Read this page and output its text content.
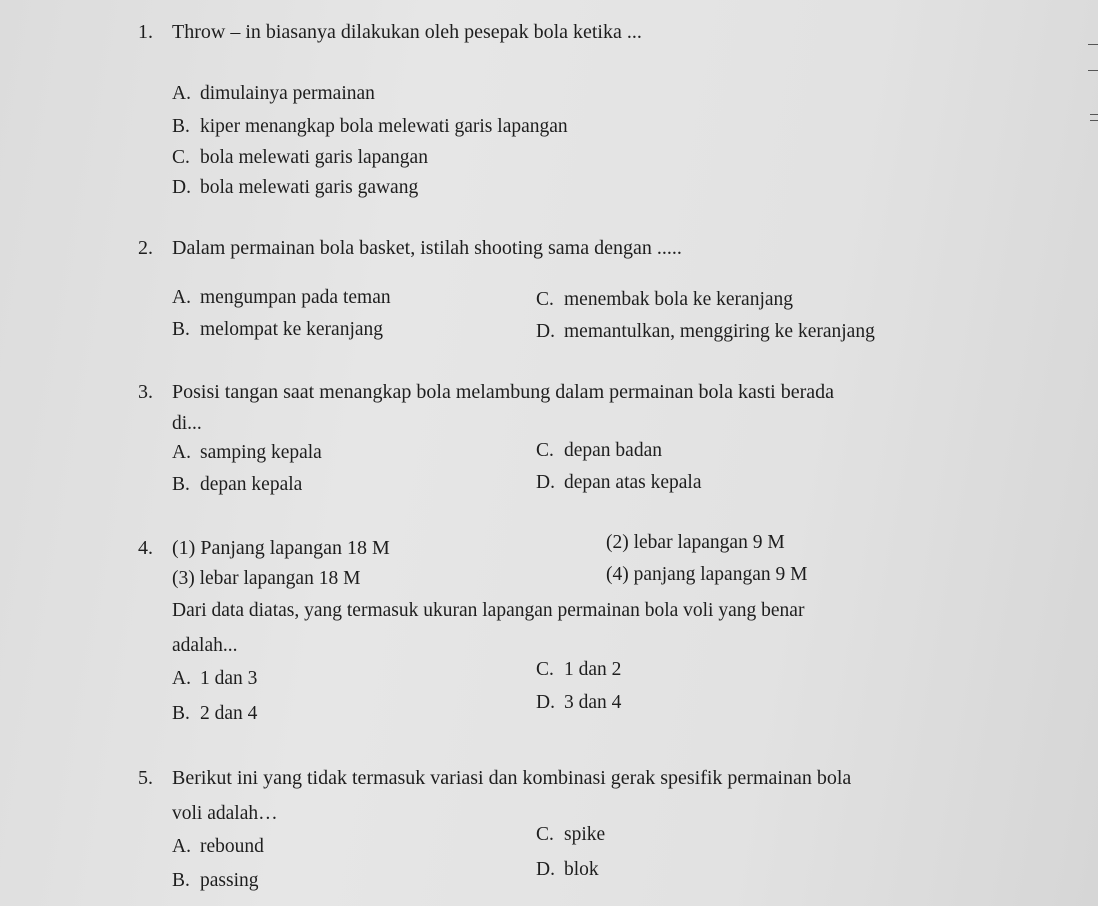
1. Throw – in biasanya dilakukan oleh pesepak bola ketika ...
A. dimulainya permainan
B. kiper menangkap bola melewati garis lapangan
C. bola melewati garis lapangan
D. bola melewati garis gawang
2. Dalam permainan bola basket, istilah shooting sama dengan .....
A. mengumpan pada teman
B. melompat ke keranjang
C. menembak bola ke keranjang
D. memantulkan, menggiring ke keranjang
3. Posisi tangan saat menangkap bola melambung dalam permainan bola kasti berada
di...
A. samping kepala
B. depan kepala
C. depan badan
D. depan atas kepala
4. (1) Panjang lapangan 18 M	(2) lebar lapangan 9 M
(3) lebar lapangan 18 M	(4) panjang lapangan 9 M
Dari data diatas, yang termasuk ukuran lapangan permainan bola voli yang benar
adalah...
A. 1 dan 3
B. 2 dan 4
C. 1 dan 2
D. 3 dan 4
5. Berikut ini yang tidak termasuk variasi dan kombinasi gerak spesifik permainan bola
voli adalah…
A. rebound
B. passing
C. spike
D. blok
